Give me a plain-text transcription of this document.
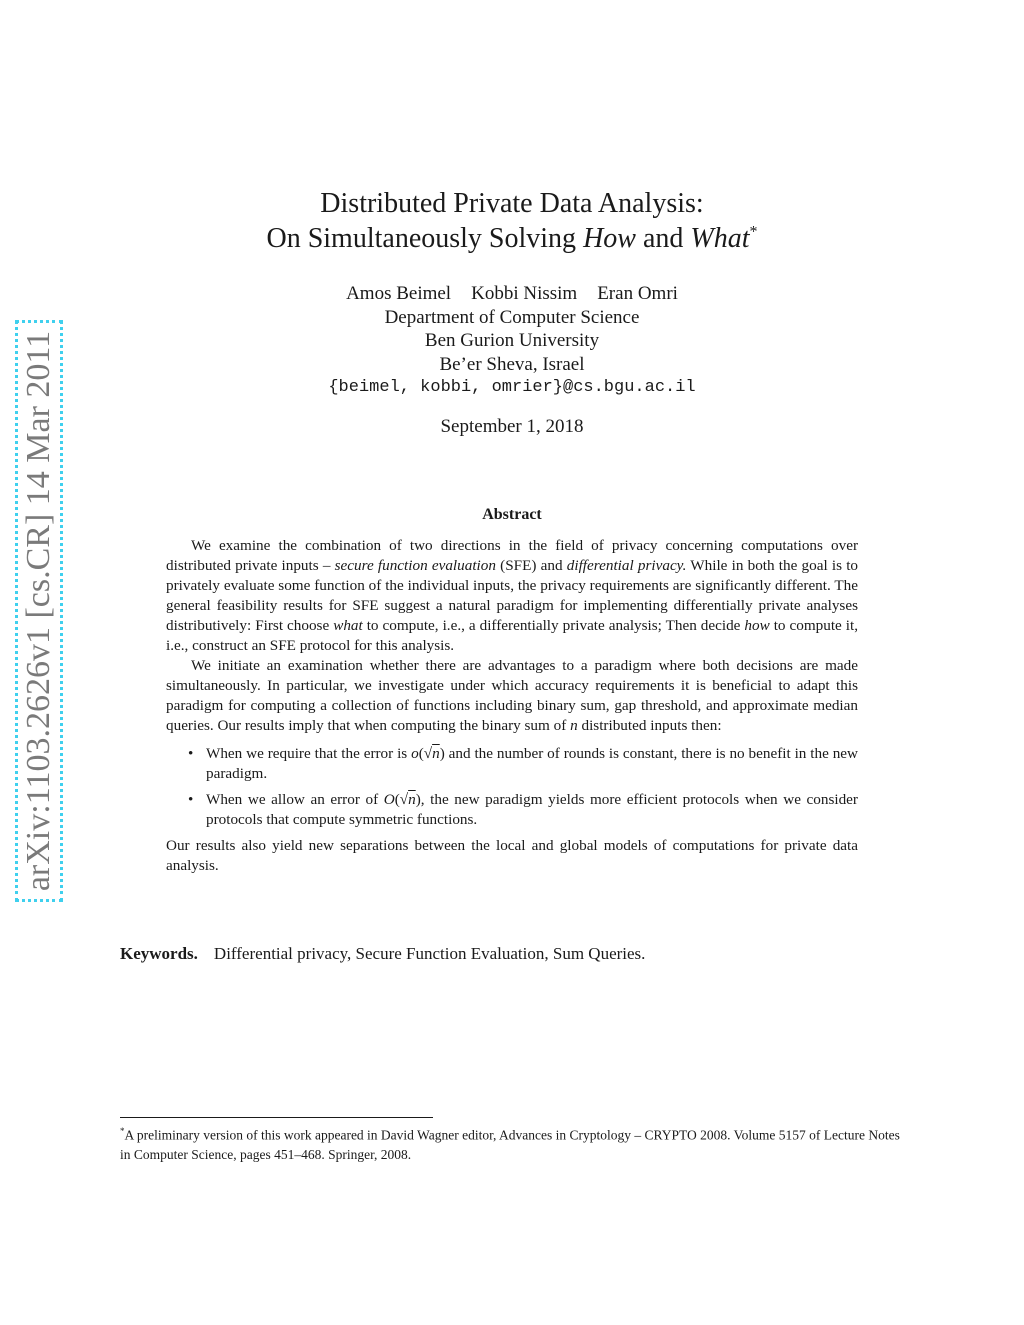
arXiv:1103.2626v1 [cs.CR] 14 Mar 2011
Distributed Private Data Analysis:
On Simultaneously Solving How and What*
Amos Beimel Kobbi Nissim Eran Omri
Department of Computer Science
Ben Gurion University
Be’er Sheva, Israel
{beimel, kobbi, omrier}@cs.bgu.ac.il
September 1, 2018
Abstract

We examine the combination of two directions in the field of privacy concerning computations over distributed private inputs – secure function evaluation (SFE) and differential privacy. While in both the goal is to privately evaluate some function of the individual inputs, the privacy requirements are significantly different. The general feasibility results for SFE suggest a natural paradigm for implementing differentially private analyses distributively: First choose what to compute, i.e., a differentially private analysis; Then decide how to compute it, i.e., construct an SFE protocol for this analysis.

We initiate an examination whether there are advantages to a paradigm where both decisions are made simultaneously. In particular, we investigate under which accuracy requirements it is beneficial to adapt this paradigm for computing a collection of functions including binary sum, gap threshold, and approximate median queries. Our results imply that when computing the binary sum of n distributed inputs then:

• When we require that the error is o(√n) and the number of rounds is constant, there is no benefit in the new paradigm.
• When we allow an error of O(√n), the new paradigm yields more efficient protocols when we consider protocols that compute symmetric functions.

Our results also yield new separations between the local and global models of computations for private data analysis.

Keywords. Differential privacy, Secure Function Evaluation, Sum Queries.
*A preliminary version of this work appeared in David Wagner editor, Advances in Cryptology – CRYPTO 2008. Volume 5157 of Lecture Notes in Computer Science, pages 451–468. Springer, 2008.
